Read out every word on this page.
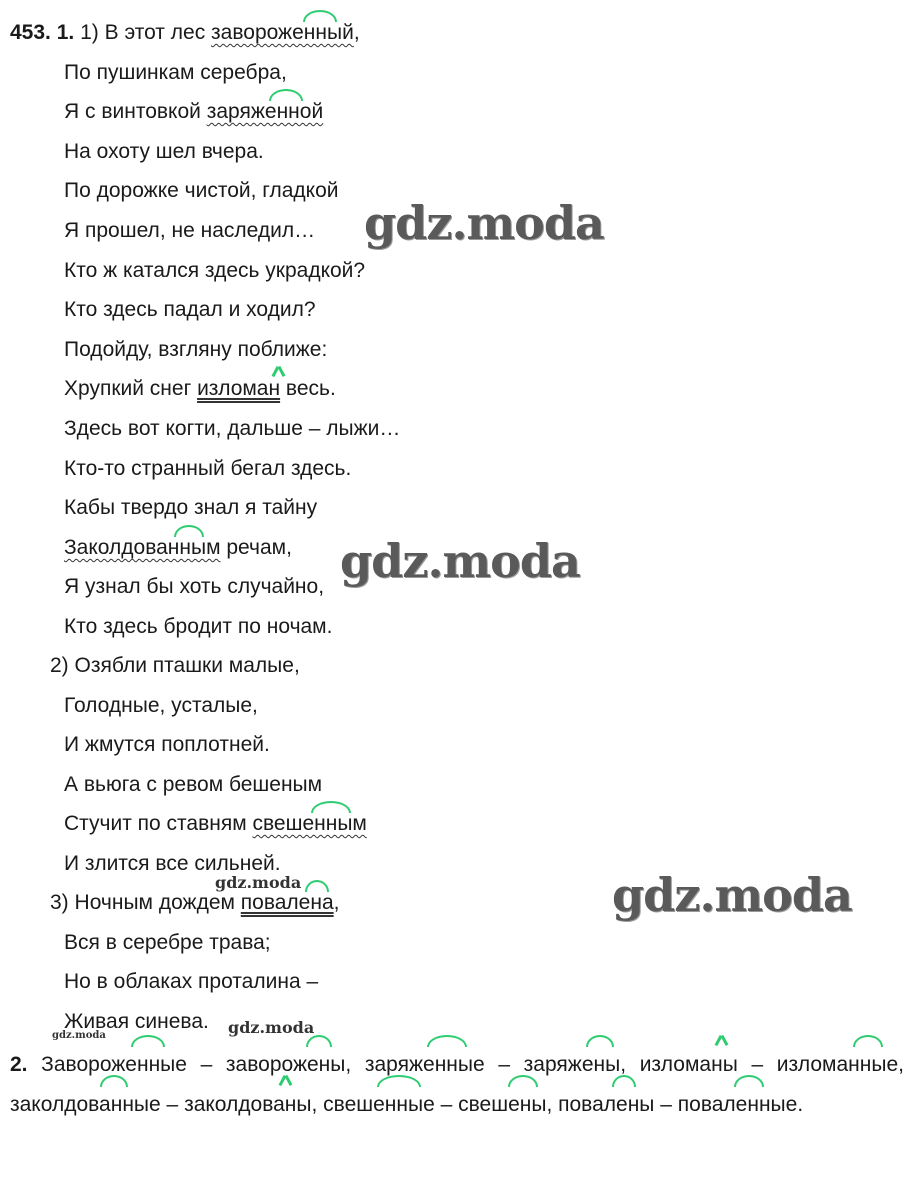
453. 1. 1) В этот лес завороженный
,
По пушинкам серебра,
Я с винтовкой заряженной
На охоту шел вчера.
По дорожке чистой, гладкой
Я прошел, не наследил…
Кто ж катался здесь украдкой?
Кто здесь падал и ходил?
Подойду, взгляну поближе:
Хрупкий снег изломан
весь.
Здесь вот когти, дальше – лыжи…
Кто-то странный бегал здесь.
Кабы твердо знал я тайну
Заколдованным
речам,
Я узнал бы хоть случайно,
Кто здесь бродит по ночам.
2) Озябли пташки малые,
Голодные, усталые,
И жмутся поплотней.
А вьюга с ревом бешеным
Стучит по ставням свешенным
И злится все сильней.
3) Ночным дождем повалена
,
Вся в серебре трава;
Но в облаках проталина –
Живая синева.
2. Завороженные
– заворожены
, заряженные
– заряжены
, изломаны
– изломанные
, заколдованные
– заколдованы
, свешенные
– свешены
, повалены
– поваленные
.
gdz.moda
gdz.moda
gdz.moda
gdz.moda
gdz.moda
gdz.moda
